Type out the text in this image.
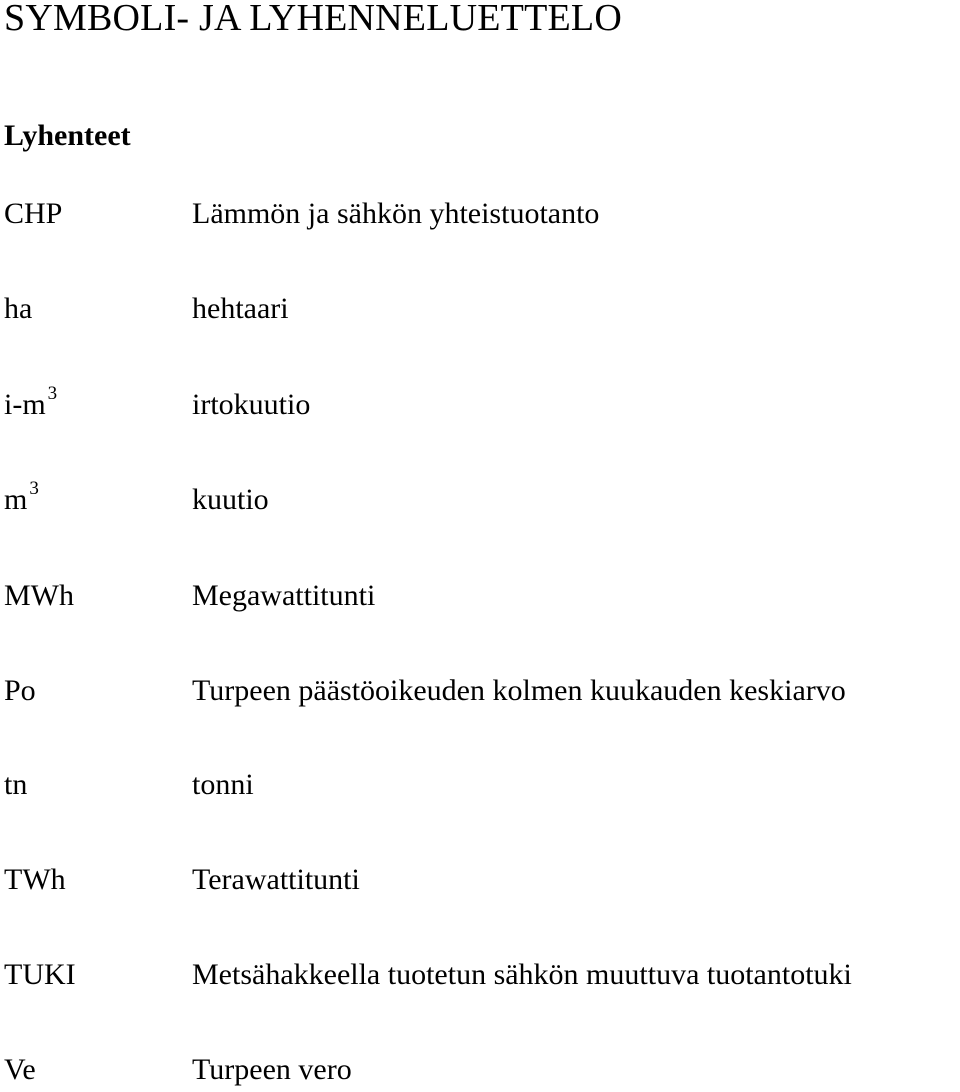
SYMBOLI- JA LYHENNELUETTELO
Lyhenteet
CHP	Lämmön ja sähkön yhteistuotanto
ha	hehtaari
i-m $^3$	irtokuutio
m $^3$	kuutio
MWh	Megawattitunti
Po	Turpeen päästöoikeuden kolmen kuukauden keskiarvo
tn	tonni
TWh	Terawattitunti
TUKI	Metsähakkeella tuotetun sähkön muuttuva tuotantotuki
Ve	Turpeen vero
